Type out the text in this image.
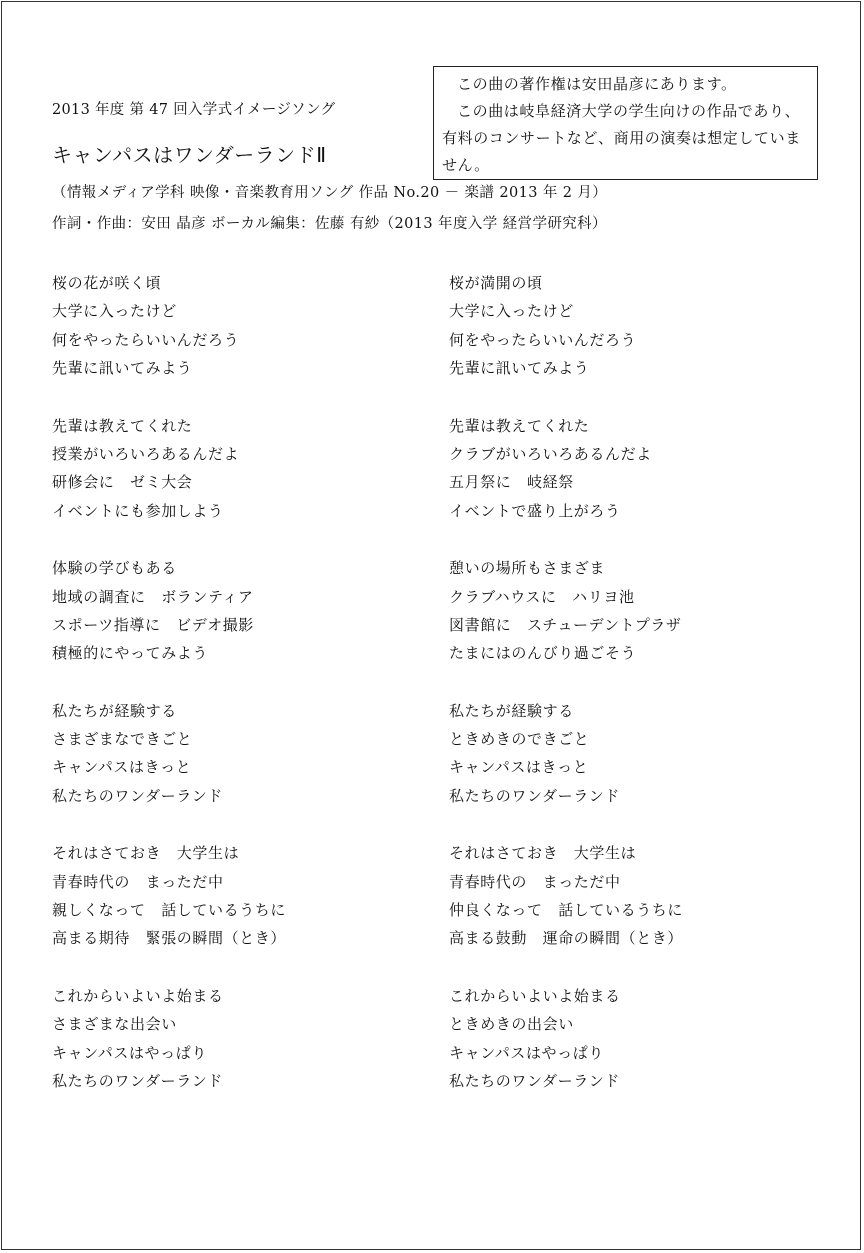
この曲の著作権は安田晶彦にあります。

この曲は岐阜経済大学の学生向けの作品であり、有料のコンサートなど、商用の演奏は想定していません。

2013 年度 第 47 回入学式イメージソング
キャンパスはワンダーランドⅡ
（情報メディア学科 映像・音楽教育用ソング 作品 No.20 － 楽譜 2013 年 2 月）
作詞・作曲：安田 晶彦 ボーカル編集：佐藤 有紗（2013 年度入学 経営学研究科）
桜の花が咲く頃
大学に入ったけど
何をやったらいいんだろう
先輩に訊いてみよう
先輩は教えてくれた
授業がいろいろあるんだよ
研修会に　ゼミ大会
イベントにも参加しよう
体験の学びもある
地域の調査に　ボランティア
スポーツ指導に　ビデオ撮影
積極的にやってみよう
私たちが経験する
さまざまなできごと
キャンパスはきっと
私たちのワンダーランド
それはさておき　大学生は
青春時代の　まっただ中
親しくなって　話しているうちに
高まる期待　緊張の瞬間（とき）
これからいよいよ始まる
さまざまな出会い
キャンパスはやっぱり
私たちのワンダーランド
桜が満開の頃
大学に入ったけど
何をやったらいいんだろう
先輩に訊いてみよう
先輩は教えてくれた
クラブがいろいろあるんだよ
五月祭に　岐経祭
イベントで盛り上がろう
憩いの場所もさまざま
クラブハウスに　ハリヨ池
図書館に　スチューデントプラザ
たまにはのんびり過ごそう
私たちが経験する
ときめきのできごと
キャンパスはきっと
私たちのワンダーランド
それはさておき　大学生は
青春時代の　まっただ中
仲良くなって　話しているうちに
高まる鼓動　運命の瞬間（とき）
これからいよいよ始まる
ときめきの出会い
キャンパスはやっぱり
私たちのワンダーランド
